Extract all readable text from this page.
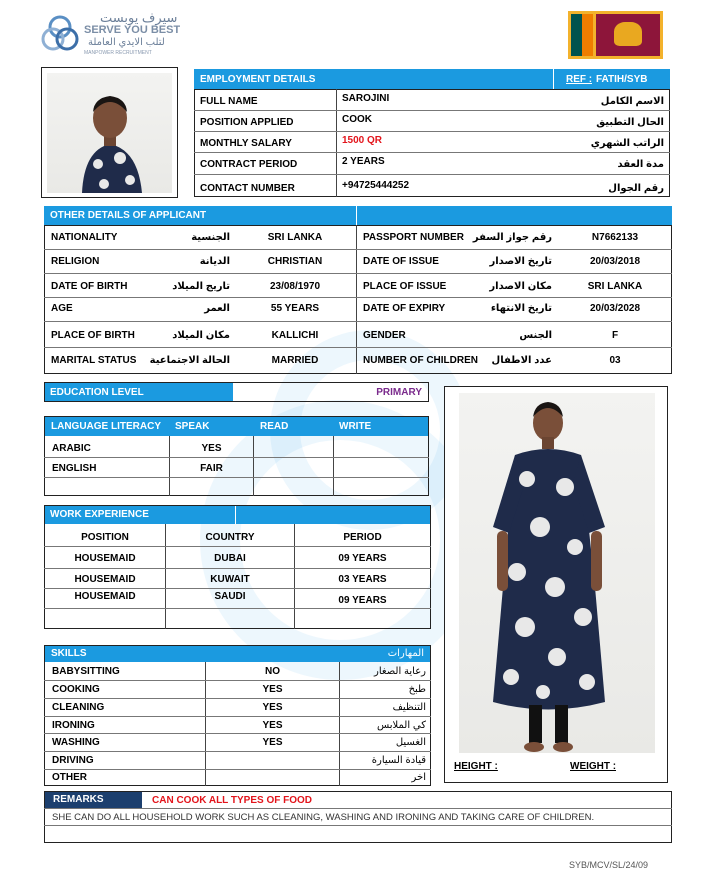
سيرف يوبست
SERVE YOU BEST
لتلب الايدي العاملة
MANPOWER RECRUITMENT
EMPLOYMENT DETAILS	REF : FATIH/SYB
FULL NAME	SAROJINI	الاسم الكامل
POSITION APPLIED	COOK	الحال التطبيق
MONTHLY SALARY	1500 QR	الراتب الشهري
CONTRACT PERIOD	2 YEARS	مدة العقد
CONTACT NUMBER	+94725444252	رقم الجوال
OTHER DETAILS OF APPLICANT
NATIONALITY	الجنسية	SRI LANKA	PASSPORT NUMBER رقم جواز السفر	N7662133
RELIGION	الديانة	CHRISTIAN	DATE OF ISSUE	تاريخ الاصدار	20/03/2018
DATE OF BIRTH	تاريج الميلاد	23/08/1970	PLACE OF ISSUE	مكان الاصدار	SRI LANKA
AGE	العمر	55 YEARS	DATE OF EXPIRY	تاريخ الانتهاء	20/03/2028
PLACE OF BIRTH	مكان الميلاد	KALLICHI	GENDER	الجنس	F
MARITAL STATUS	الحالة الاجتماعية	MARRIED	NUMBER OF CHILDREN	عدد الاطفال	03
EDUCATION LEVEL	PRIMARY
LANGUAGE LITERACY SPEAK	READ	WRITE
ARABIC	YES
ENGLISH	FAIR
WORK EXPERIENCE
POSITION	COUNTRY	PERIOD
HOUSEMAID	DUBAI	09 YEARS
HOUSEMAID	KUWAIT	03 YEARS
HOUSEMAID	SAUDI	09 YEARS
SKILLS	المهارات
BABYSITTING	NO	رعاية الصغار
COOKING	YES	طبخ
CLEANING	YES	التنظيف
IRONING	YES	كي الملابس
WASHING	YES	الغسيل
DRIVING	قيادة السيارة
OTHER	اخر
HEIGHT :	WEIGHT :
REMARKS	CAN COOK ALL TYPES OF FOOD
SHE CAN DO ALL HOUSEHOLD WORK SUCH AS CLEANING, WASHING AND IRONING AND TAKING CARE OF CHILDREN.
SYB/MCV/SL/24/09
